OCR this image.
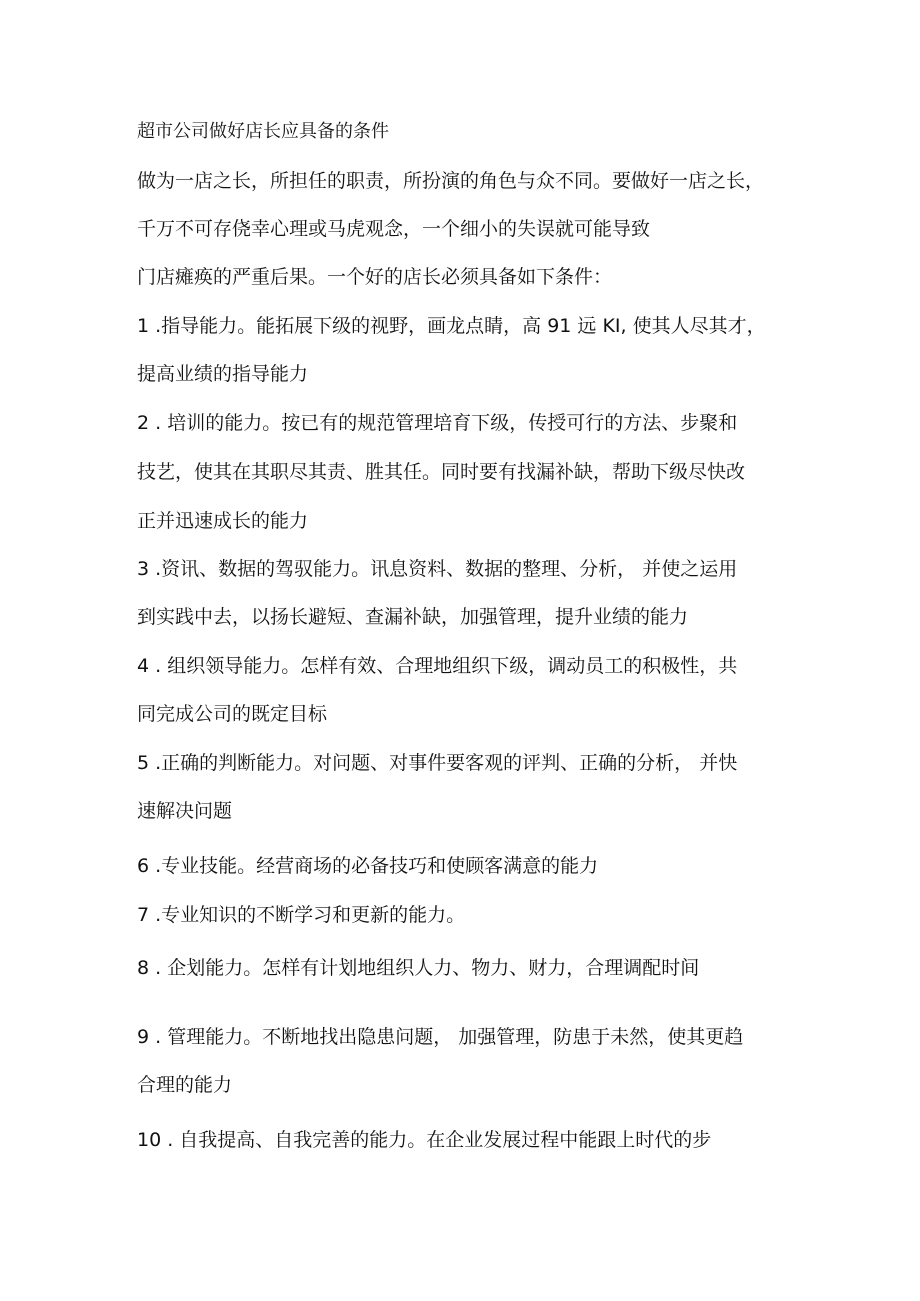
超市公司做好店长应具备的条件
做为一店之长，所担任的职责，所扮演的角色与众不同。要做好一店之长，
千万不可存侥幸心理或马虎观念，一个细小的失误就可能导致
门店瘫痪的严重后果。一个好的店长必须具备如下条件：
1 .指导能力。能拓展下级的视野，画龙点睛，高 91 远 KI, 使其人尽其才，
提高业绩的指导能力
2 . 培训的能力。按已有的规范管理培育下级，传授可行的方法、步聚和
技艺，使其在其职尽其责、胜其任。同时要有找漏补缺，帮助下级尽快改
正并迅速成长的能力
3 .资讯、数据的驾驭能力。讯息资料、数据的整理、分析， 并使之运用
到实践中去，以扬长避短、查漏补缺，加强管理，提升业绩的能力
4 . 组织领导能力。怎样有效、合理地组织下级，调动员工的积极性，共
同完成公司的既定目标
5 .正确的判断能力。对问题、对事件要客观的评判、正确的分析， 并快
速解决问题
6 .专业技能。经营商场的必备技巧和使顾客满意的能力
7 .专业知识的不断学习和更新的能力。
8 . 企划能力。怎样有计划地组织人力、物力、财力，合理调配时间
9 . 管理能力。不断地找出隐患问题， 加强管理，防患于未然，使其更趋
合理的能力
10 . 自我提高、自我完善的能力。在企业发展过程中能跟上时代的步
